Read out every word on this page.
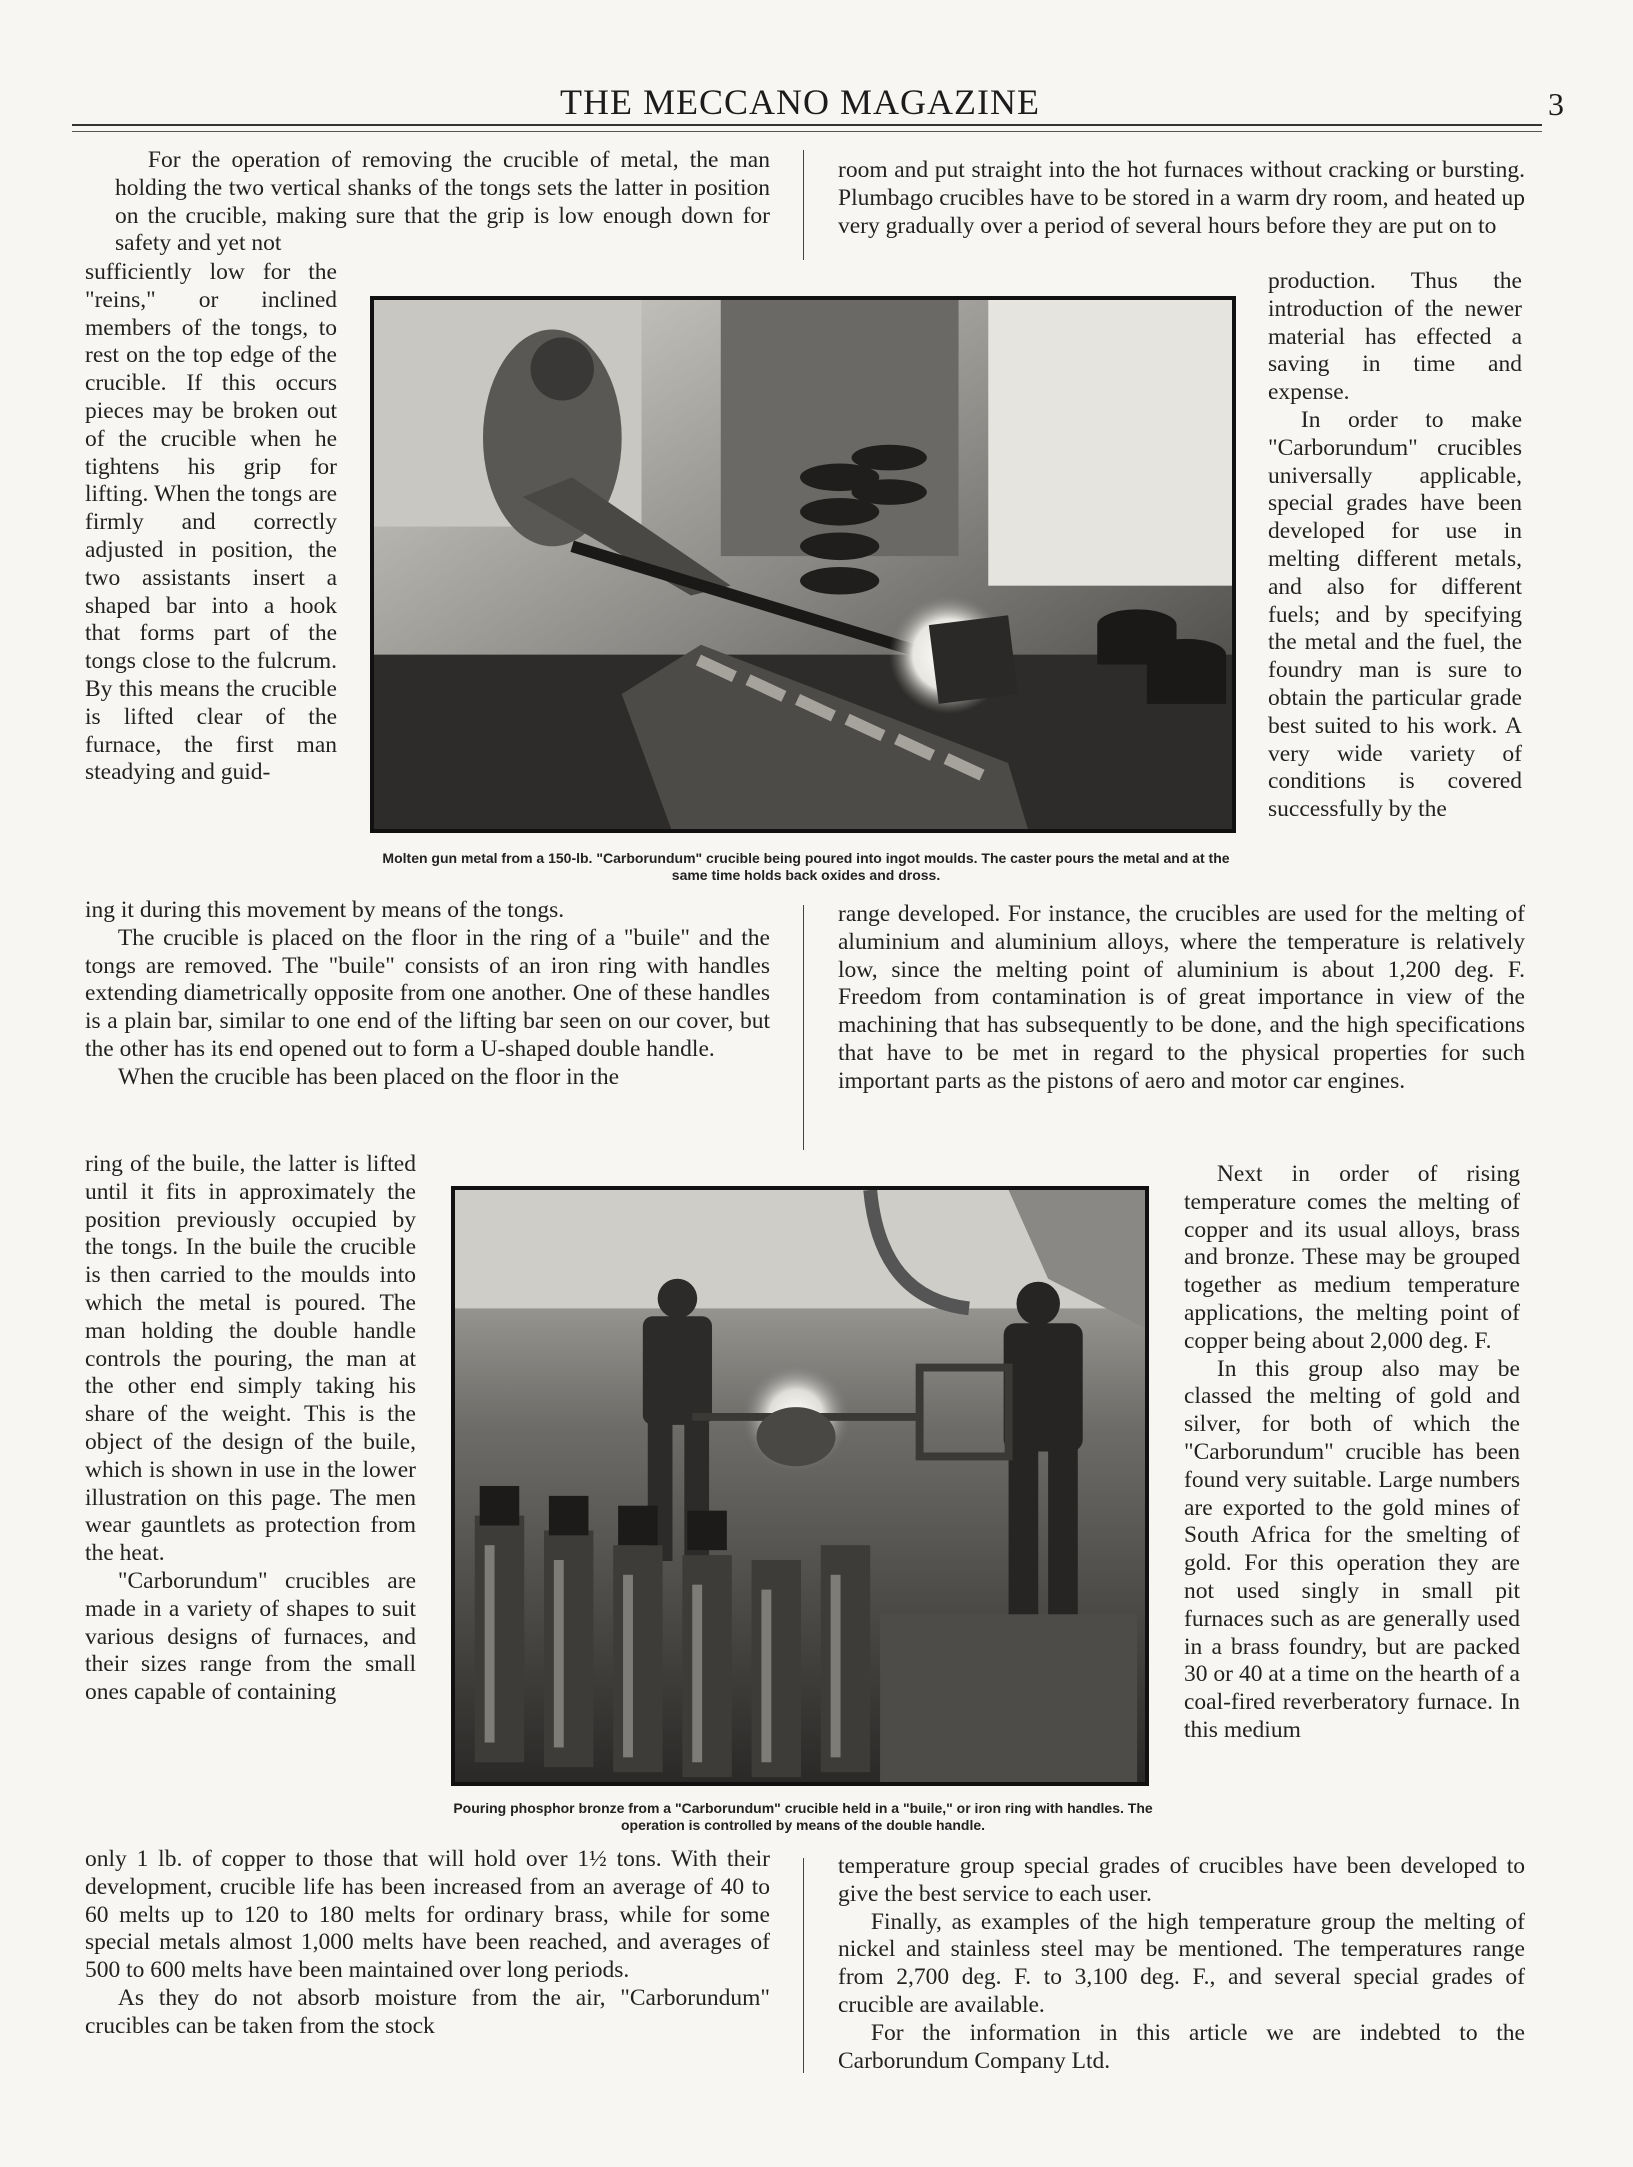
THE MECCANO MAGAZINE	3

For the operation of removing the crucible of metal, the man holding the two vertical shanks of the tongs sets the latter in position on the crucible, making sure that the grip is low enough down for safety and yet not

room and put straight into the hot furnaces without cracking or bursting. Plumbago crucibles have to be stored in a warm dry room, and heated up very gradually over a period of several hours before they are put on to

sufficiently low for the "reins," or inclined members of the tongs, to rest on the top edge of the crucible. If this occurs pieces may be broken out of the crucible when he tightens his grip for lifting. When the tongs are firmly and correctly adjusted in position, the two assistants insert a shaped bar into a hook that forms part of the tongs close to the fulcrum. By this means the crucible is lifted clear of the furnace, the first man steadying and guid-

production. Thus the introduction of the newer material has effected a saving in time and expense.

In order to make "Carborundum" crucibles universally applicable, special grades have been developed for use in melting different metals, and also for different fuels; and by specifying the metal and the fuel, the foundry man is sure to obtain the particular grade best suited to his work. A very wide variety of conditions is covered successfully by the

Molten gun metal from a 150-lb. "Carborundum" crucible being poured into ingot moulds. The caster pours the metal and at the same time holds back oxides and dross.

ing it during this movement by means of the tongs.

The crucible is placed on the floor in the ring of a "buile" and the tongs are removed. The "buile" consists of an iron ring with handles extending diametrically opposite from one another. One of these handles is a plain bar, similar to one end of the lifting bar seen on our cover, but the other has its end opened out to form a U-shaped double handle.

When the crucible has been placed on the floor in the

range developed. For instance, the crucibles are used for the melting of aluminium and aluminium alloys, where the temperature is relatively low, since the melting point of aluminium is about 1,200 deg. F. Freedom from contamination is of great importance in view of the machining that has subsequently to be done, and the high specifications that have to be met in regard to the physical properties for such important parts as the pistons of aero and motor car engines.

ring of the buile, the latter is lifted until it fits in approximately the position previously occupied by the tongs. In the buile the crucible is then carried to the moulds into which the metal is poured. The man holding the double handle controls the pouring, the man at the other end simply taking his share of the weight. This is the object of the design of the buile, which is shown in use in the lower illustration on this page. The men wear gauntlets as protection from the heat.

"Carborundum" crucibles are made in a variety of shapes to suit various designs of furnaces, and their sizes range from the small ones capable of containing

Next in order of rising temperature comes the melting of copper and its usual alloys, brass and bronze. These may be grouped together as medium temperature applications, the melting point of copper being about 2,000 deg. F.

In this group also may be classed the melting of gold and silver, for both of which the "Carborundum" crucible has been found very suitable. Large numbers are exported to the gold mines of South Africa for the smelting of gold. For this operation they are not used singly in small pit furnaces such as are generally used in a brass foundry, but are packed 30 or 40 at a time on the hearth of a coal-fired reverberatory furnace. In this medium

Pouring phosphor bronze from a "Carborundum" crucible held in a "buile," or iron ring with handles. The operation is controlled by means of the double handle.

only 1 lb. of copper to those that will hold over 1½ tons. With their development, crucible life has been increased from an average of 40 to 60 melts up to 120 to 180 melts for ordinary brass, while for some special metals almost 1,000 melts have been reached, and averages of 500 to 600 melts have been maintained over long periods.

As they do not absorb moisture from the air, "Carborundum" crucibles can be taken from the stock

temperature group special grades of crucibles have been developed to give the best service to each user.

Finally, as examples of the high temperature group the melting of nickel and stainless steel may be mentioned. The temperatures range from 2,700 deg. F. to 3,100 deg. F., and several special grades of crucible are available.

For the information in this article we are indebted to the Carborundum Company Ltd.
